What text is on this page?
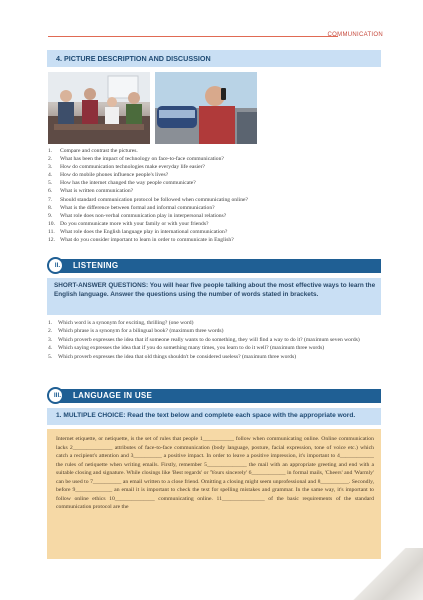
COMMUNICATION
4. PICTURE DESCRIPTION AND DISCUSSION
1. Compare and contrast the pictures.
2. What has been the impact of technology on face-to-face communication?
3. How do communication technologies make everyday life easier?
4. How do mobile phones influence people's lives?
5. How has the internet changed the way people communicate?
6. What is written communication?
7. Should standard communication protocol be followed when communicating online?
8. What is the difference between formal and informal communication?
9. What role does non-verbal communication play in interpersonal relations?
10. Do you communicate more with your family or with your friends?
11. What role does the English language play in international communication?
12. What do you consider important to learn in order to communicate in English?
II.	LISTENING
SHORT-ANSWER QUESTIONS: You will hear five people talking about the most effective ways to learn the English language. Answer the questions using the number of words stated in brackets.
1.	Which word is a synonym for exciting, thrilling? (one word)
2.	Which phrase is a synonym for a bilingual book? (maximum three words)
3.	Which proverb expresses the idea that if someone really wants to do something, they will find a way to do it? (maximum seven words)
4.	Which saying expresses the idea that if you do something many times, you learn to do it well? (maximum three words)
5.	Which proverb expresses the idea that old things shouldn't be considered useless? (maximum three words)
III.	LANGUAGE IN USE
1. MULTIPLE CHOICE: Read the text below and complete each space with the appropriate word.
Internet etiquette, or netiquette, is the set of rules that people 1___________ follow when communicating online. Online communication lacks 2______________ attributes of face-to-face communication (body language, posture, facial expression, tone of voice etc.) which catch a recipient's attention and 3__________ a positive impact. In order to leave a positive impression, it's important to 4____________ the rules of netiquette when writing emails. Firstly, remember 5______________ the mail with an appropriate greeting and end with a suitable closing and signature. While closings like 'Best regards' or 'Yours sincerely' 6____________ in formal mails, 'Cheers' and 'Warmly' can be used to 7__________ an email written to a close friend. Omitting a closing might seem unprofessional and 8__________. Secondly, before 9_____________ an email it is important to check the text for spelling mistakes and grammar. In the same way, it's important to follow online ethics 10______________ communicating online. 11_______________ of the basic requirements of the standard communication protocol are the
